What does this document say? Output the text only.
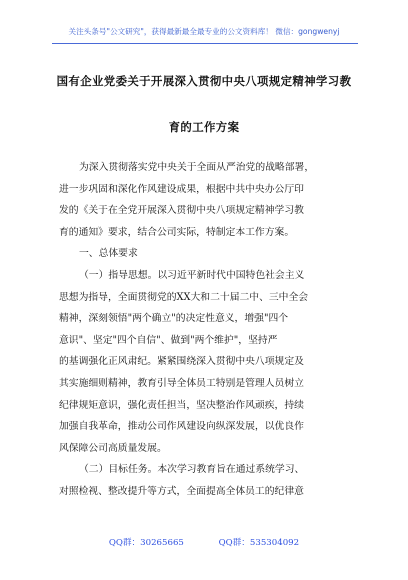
关注头条号"公文研究"，获得最新最全最专业的公文资料库！ 微信：gongwenyj
国有企业党委关于开展深入贯彻中央八项规定精神学习教
育的工作方案
为深入贯彻落实党中央关于全面从严治党的战略部署，
进一步巩固和深化作风建设成果，根据中共中央办公厅印
发的《关于在全党开展深入贯彻中央八项规定精神学习教
育的通知》要求，结合公司实际，特制定本工作方案。
一、总体要求
（一）指导思想。以习近平新时代中国特色社会主义
思想为指导，全面贯彻党的XX大和二十届二中、三中全会
精神，深刻领悟"两个确立"的决定性意义，增强"四个
意识"、坚定"四个自信"、做到"两个维护"，坚持严
的基调强化正风肃纪。紧紧围绕深入贯彻中央八项规定及
其实施细则精神，教育引导全体员工特别是管理人员树立
纪律规矩意识，强化责任担当，坚决整治作风顽疾，持续
加强自我革命，推动公司作风建设向纵深发展，以优良作
风保障公司高质量发展。
（二）目标任务。本次学习教育旨在通过系统学习、
对照检视、整改提升等方式，全面提高全体员工的纪律意
QQ群：30265665	QQ群：535304092
